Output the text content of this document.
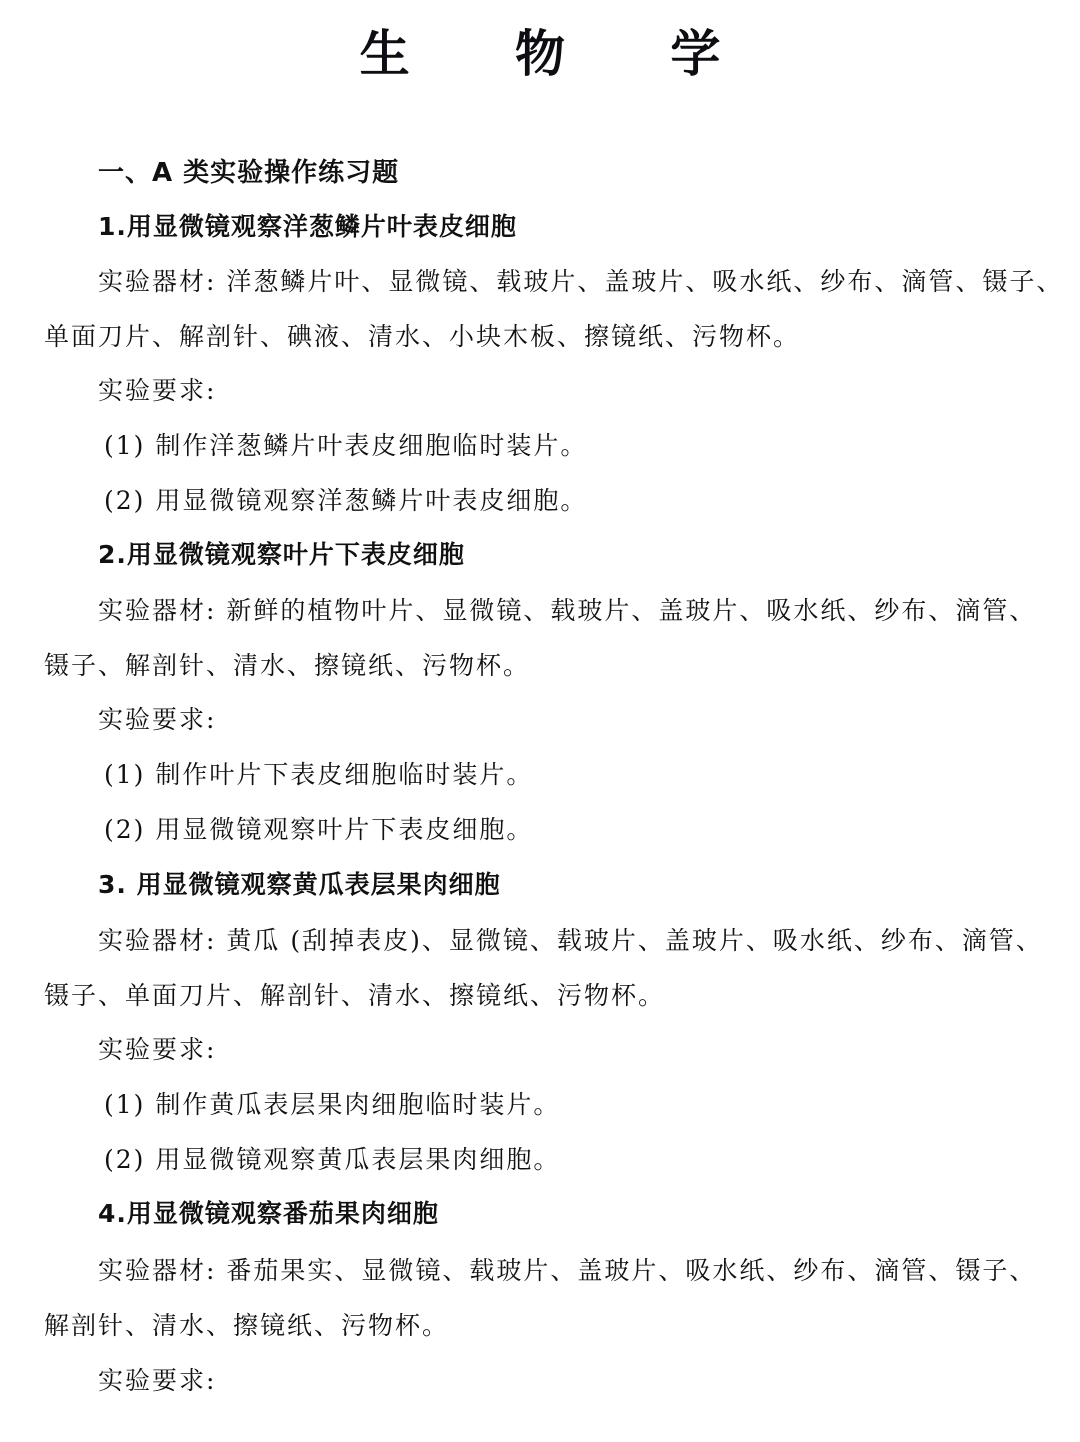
生 物 学
一、A 类实验操作练习题
1.用显微镜观察洋葱鳞片叶表皮细胞
实验器材: 洋葱鳞片叶、显微镜、载玻片、盖玻片、吸水纸、纱布、滴管、镊子、
单面刀片、解剖针、碘液、清水、小块木板、擦镜纸、污物杯。
实验要求:
(1) 制作洋葱鳞片叶表皮细胞临时装片。
(2) 用显微镜观察洋葱鳞片叶表皮细胞。
2.用显微镜观察叶片下表皮细胞
实验器材: 新鲜的植物叶片、显微镜、载玻片、盖玻片、吸水纸、纱布、滴管、
镊子、解剖针、清水、擦镜纸、污物杯。
实验要求:
(1) 制作叶片下表皮细胞临时装片。
(2) 用显微镜观察叶片下表皮细胞。
3. 用显微镜观察黄瓜表层果肉细胞
实验器材: 黄瓜 (刮掉表皮)、显微镜、载玻片、盖玻片、吸水纸、纱布、滴管、
镊子、单面刀片、解剖针、清水、擦镜纸、污物杯。
实验要求:
(1) 制作黄瓜表层果肉细胞临时装片。
(2) 用显微镜观察黄瓜表层果肉细胞。
4.用显微镜观察番茄果肉细胞
实验器材: 番茄果实、显微镜、载玻片、盖玻片、吸水纸、纱布、滴管、镊子、
解剖针、清水、擦镜纸、污物杯。
实验要求:
